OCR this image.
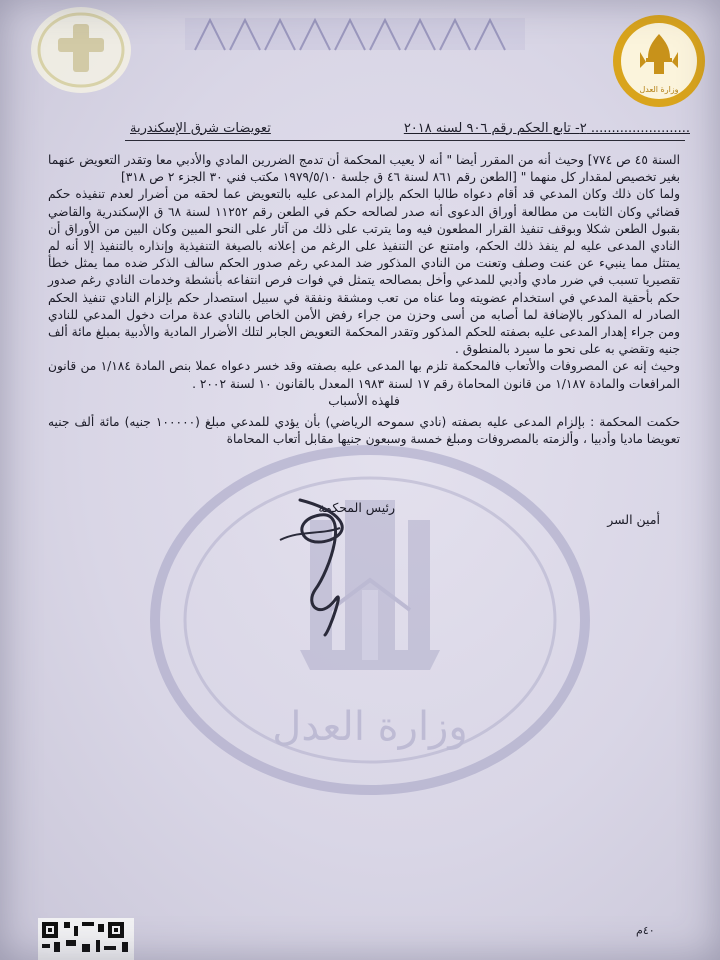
وزارة العدل
وزارة العدل
٢- تابع الحكم رقم ٩٠٦ لسنه ٢٠١٨ ........................
تعويضات شرق الإسكندرية

السنة ٤٥ ص ٧٧٤] وحيث أنه من المقرر أيضا " أنه لا يعيب المحكمة أن تدمج الضررين المادي والأدبي معا وتقدر التعويض عنهما بغير تخصيص لمقدار كل منهما " [الطعن رقم ٨٦١ لسنة ٤٦ ق جلسة ١٩٧٩/٥/١٠ مكتب فني ٣٠ الجزء ٢ ص ٣١٨]

ولما كان ذلك وكان المدعي قد أقام دعواه طالبا الحكم بإلزام المدعى عليه بالتعويض عما لحقه من أضرار لعدم تنفيذه حكم قضائي وكان الثابت من مطالعة أوراق الدعوى أنه صدر لصالحه حكم في الطعن رقم ١١٢٥٢ لسنة ٦٨ ق الإسكندرية والقاضي بقبول الطعن شكلا وبوقف تنفيذ القرار المطعون فيه وما يترتب على ذلك من آثار على النحو المبين وكان البين من الأوراق أن النادي المدعى عليه لم ينفذ ذلك الحكم، وامتنع عن التنفيذ على الرغم من إعلانه بالصيغة التنفيذية وإنذاره بالتنفيذ إلا أنه لم يمتثل مما ينبيء عن عنت وصلف وتعنت من النادي المذكور ضد المدعي رغم صدور الحكم سالف الذكر ضده مما يمثل خطأ تقصيريا تسبب في ضرر مادي وأدبي للمدعي وأخل بمصالحه يتمثل في فوات فرص انتفاعه بأنشطة وخدمات النادي رغم صدور حكم بأحقية المدعي في استخدام عضويته وما عناه من تعب ومشقة ونفقة في سبيل استصدار حكم بإلزام النادي تنفيذ الحكم الصادر له المذكور بالإضافة لما أصابه من أسى وحزن من جراء رفض الأمن الخاص بالنادي عدة مرات دخول المدعي للنادي ومن جراء إهدار المدعى عليه بصفته للحكم المذكور وتقدر المحكمة التعويض الجابر لتلك الأضرار المادية والأدبية بمبلغ مائة ألف جنيه وتقضي به على نحو ما سيرد بالمنطوق .

وحيث إنه عن المصروفات والأتعاب فالمحكمة تلزم بها المدعى عليه بصفته وقد خسر دعواه عملا بنص المادة ١/١٨٤ من قانون المرافعات والمادة ١/١٨٧ من قانون المحاماة رقم ١٧ لسنة ١٩٨٣ المعدل بالقانون ١٠ لسنة ٢٠٠٢ .

فلهذه الأسباب

حكمت المحكمة : بإلزام المدعى عليه بصفته (نادي سموحه الرياضي) بأن يؤدي للمدعي مبلغ (١٠٠٠٠٠ جنيه) مائة ألف جنيه تعويضا ماديا وأدبيا ، وألزمته بالمصروفات ومبلغ خمسة وسبعون جنيها مقابل أتعاب المحاماة

أمين السر
رئيس المحكمة
٤٠م
